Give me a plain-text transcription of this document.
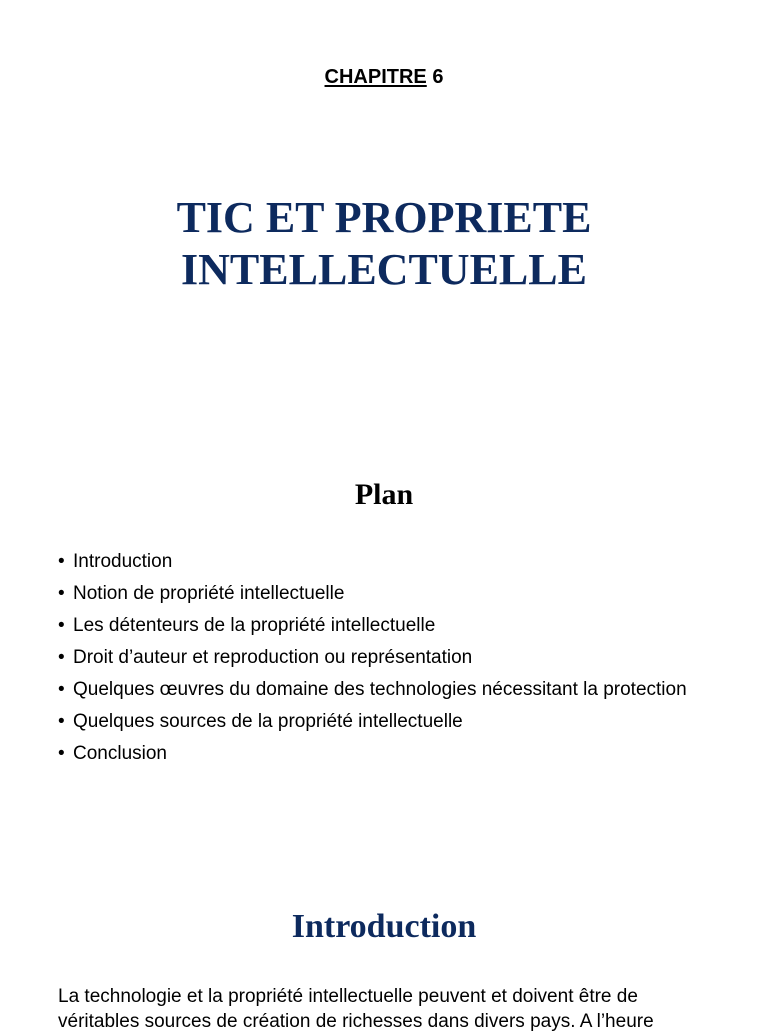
CHAPITRE 6
TIC ET PROPRIETE
INTELLECTUELLE
Plan
• Introduction
• Notion de propriété intellectuelle
• Les détenteurs de la propriété intellectuelle
• Droit d’auteur et reproduction ou représentation
• Quelques œuvres du domaine des technologies nécessitant la protection
• Quelques sources de la propriété intellectuelle
• Conclusion
Introduction

La technologie et la propriété intellectuelle peuvent et doivent être de véritables sources de création de richesses dans divers pays. A l’heure
